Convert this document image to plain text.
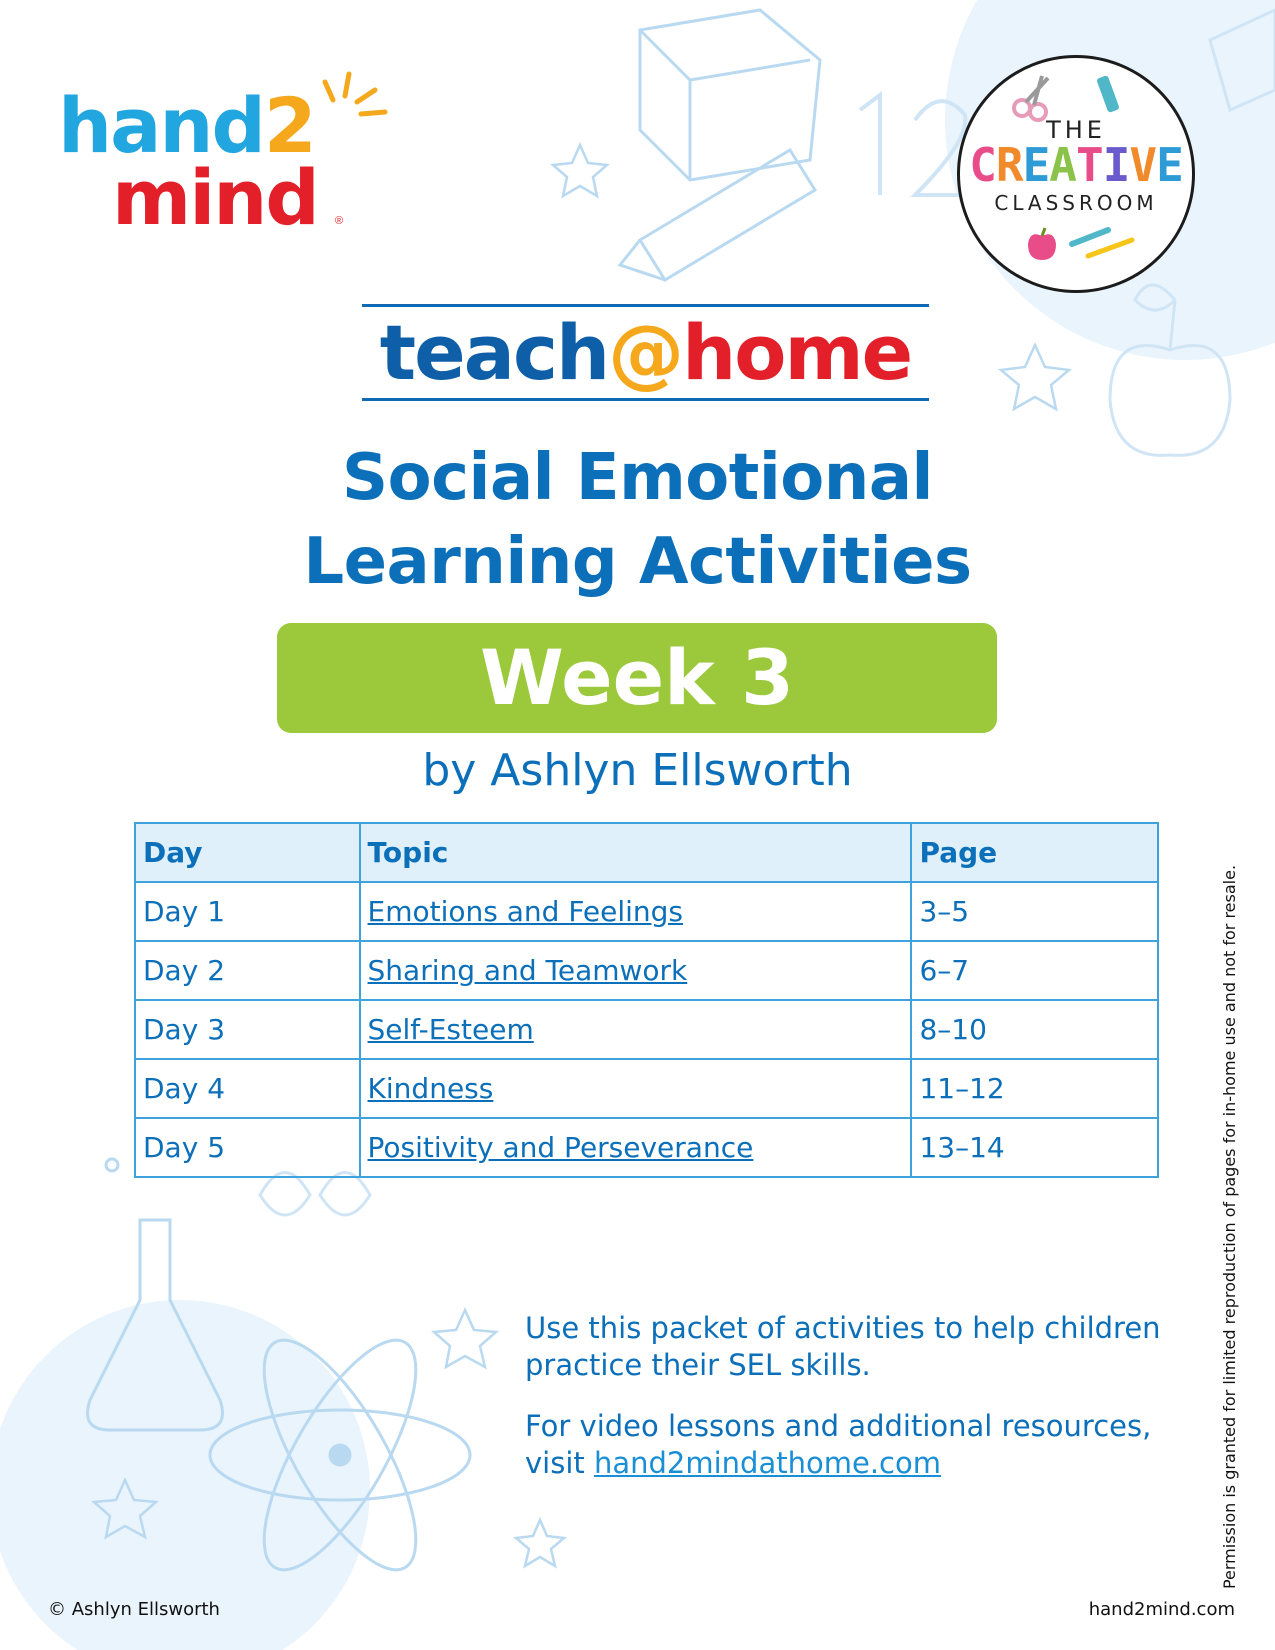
hand2
mind ®
THE
CREATIVE
CLASSROOM
teach@home
Social Emotional
Learning Activities
Week 3
by Ashlyn Ellsworth
Day	Topic	Page
Day 1	Emotions and Feelings	3–5
Day 2	Sharing and Teamwork	6–7
Day 3	Self-Esteem	8–10
Day 4	Kindness	11–12
Day 5	Positivity and Perseverance	13–14
Use this packet of activities to help children practice their SEL skills.
For video lessons and additional resources, visit hand2mindathome.com	Permission is granted for limited reproduction of pages for in-home use and not for resale.
© Ashlyn Ellsworth	hand2mind.com
